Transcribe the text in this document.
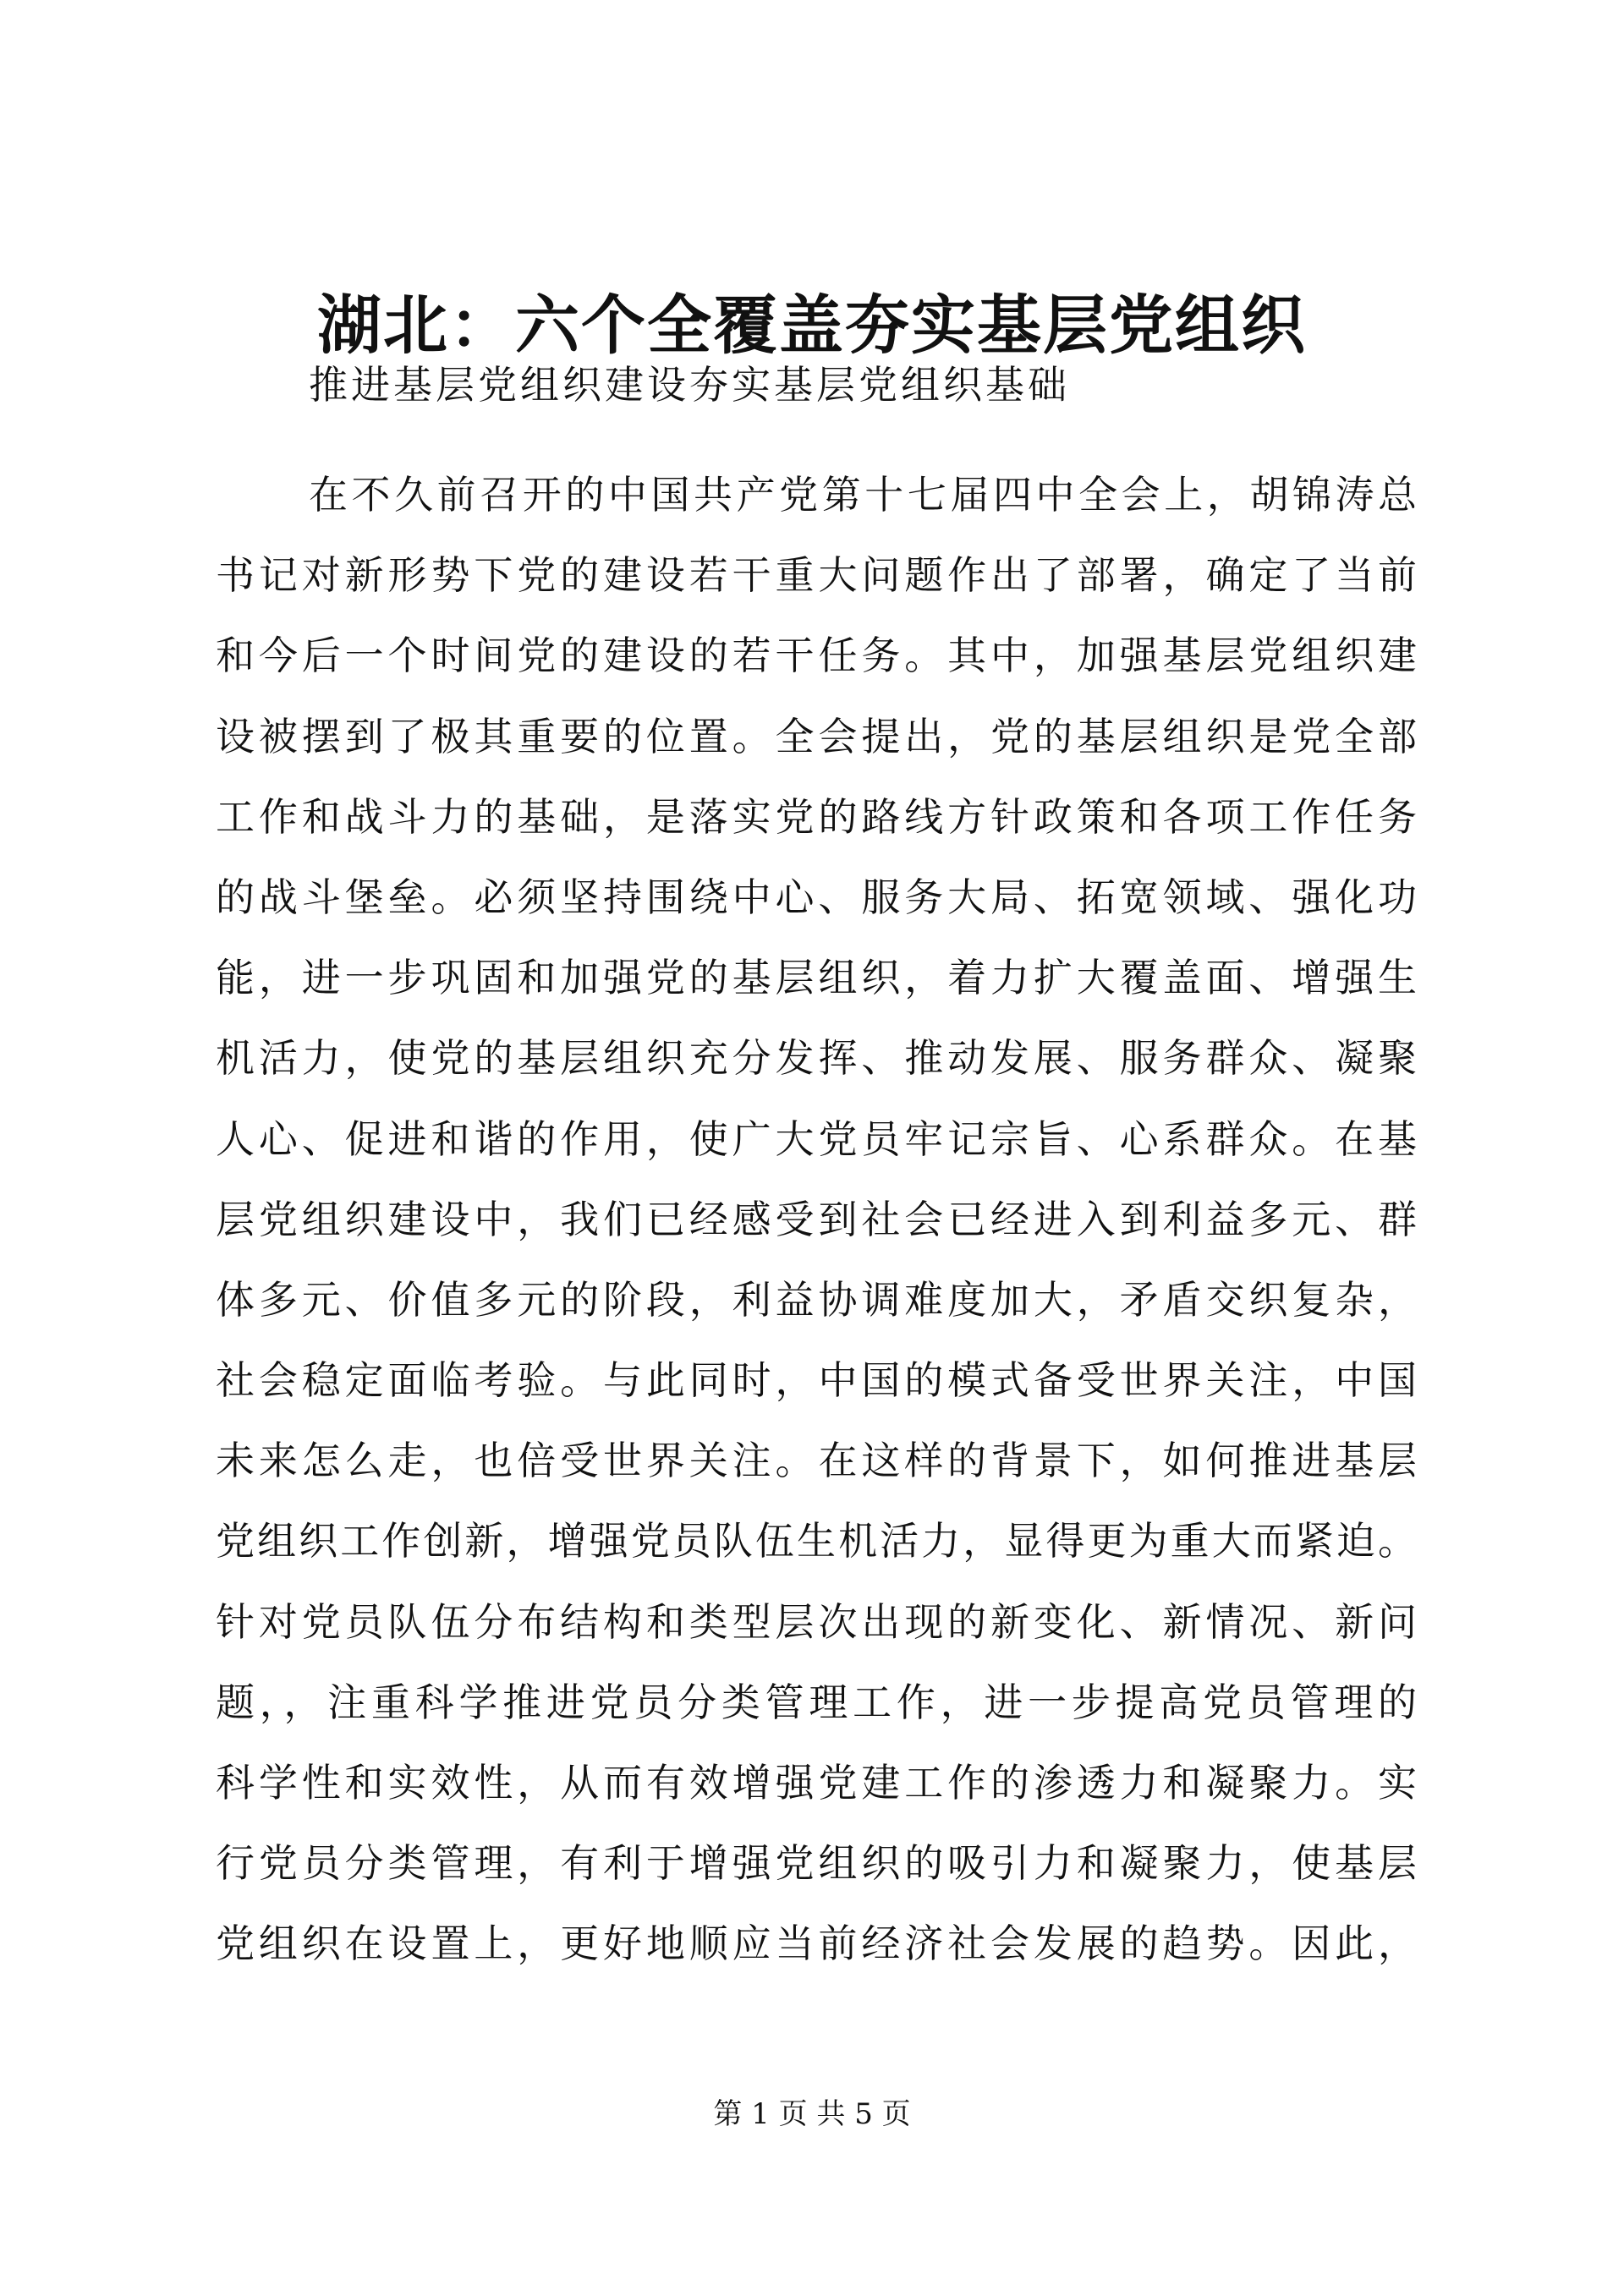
湖北：六个全覆盖夯实基层党组织

推进基层党组织建设夯实基层党组织基础

在不久前召开的中国共产党第十七届四中全会上，胡锦涛总
书记对新形势下党的建设若干重大问题作出了部署，确定了当前
和今后一个时间党的建设的若干任务。其中，加强基层党组织建
设被摆到了极其重要的位置。全会提出，党的基层组织是党全部
工作和战斗力的基础，是落实党的路线方针政策和各项工作任务
的战斗堡垒。必须坚持围绕中心、服务大局、拓宽领域、强化功
能，进一步巩固和加强党的基层组织，着力扩大覆盖面、增强生
机活力，使党的基层组织充分发挥、推动发展、服务群众、凝聚
人心、促进和谐的作用，使广大党员牢记宗旨、心系群众。在基
层党组织建设中，我们已经感受到社会已经进入到利益多元、群
体多元、价值多元的阶段，利益协调难度加大，矛盾交织复杂，
社会稳定面临考验。与此同时，中国的模式备受世界关注，中国
未来怎么走，也倍受世界关注。在这样的背景下，如何推进基层
党组织工作创新，增强党员队伍生机活力，显得更为重大而紧迫。
针对党员队伍分布结构和类型层次出现的新变化、新情况、新问
题，，注重科学推进党员分类管理工作，进一步提高党员管理的
科学性和实效性，从而有效增强党建工作的渗透力和凝聚力。实
行党员分类管理，有利于增强党组织的吸引力和凝聚力，使基层
党组织在设置上，更好地顺应当前经济社会发展的趋势。因此，

第 1 页 共 5 页
